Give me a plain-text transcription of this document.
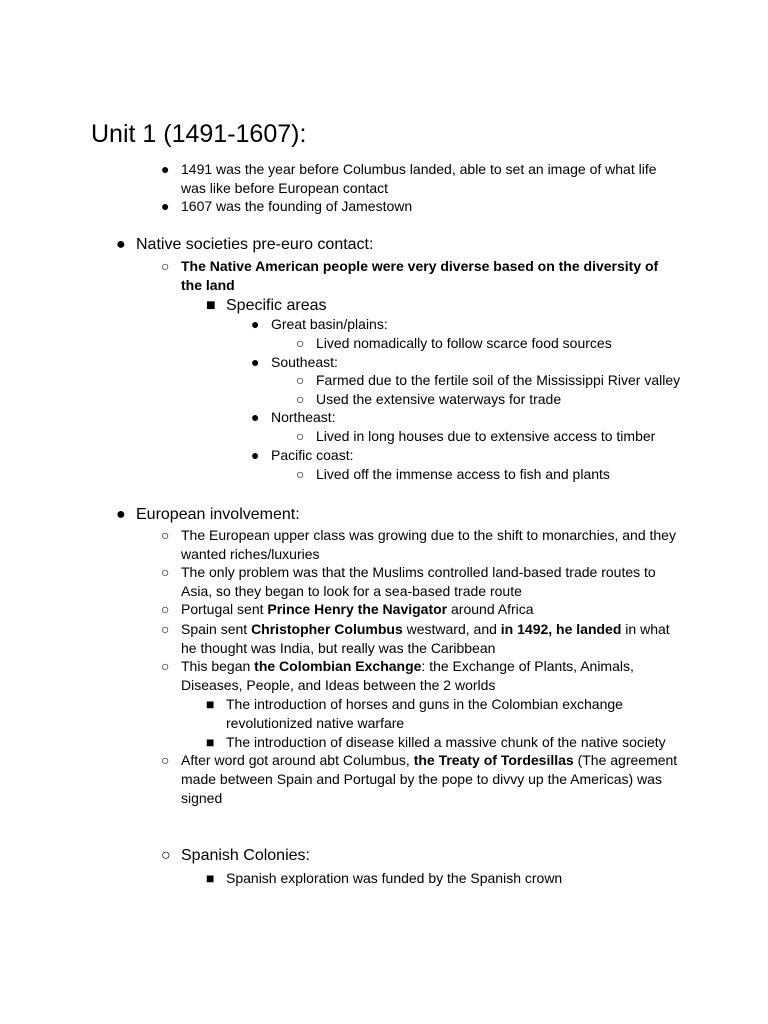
Unit 1 (1491-1607):
● 1491 was the year before Columbus landed, able to set an image of what life was like before European contact
● 1607 was the founding of Jamestown
● Native societies pre-euro contact:
○ The Native American people were very diverse based on the diversity of the land
■ Specific areas
● Great basin/plains:
○ Lived nomadically to follow scarce food sources
● Southeast:
○ Farmed due to the fertile soil of the Mississippi River valley
○ Used the extensive waterways for trade
● Northeast:
○ Lived in long houses due to extensive access to timber
● Pacific coast:
○ Lived off the immense access to fish and plants
● European involvement:
○ The European upper class was growing due to the shift to monarchies, and they wanted riches/luxuries
○ The only problem was that the Muslims controlled land-based trade routes to Asia, so they began to look for a sea-based trade route
○ Portugal sent Prince Henry the Navigator around Africa
○ Spain sent Christopher Columbus westward, and in 1492, he landed in what he thought was India, but really was the Caribbean
○ This began the Colombian Exchange: the Exchange of Plants, Animals, Diseases, People, and Ideas between the 2 worlds
■ The introduction of horses and guns in the Colombian exchange revolutionized native warfare
■ The introduction of disease killed a massive chunk of the native society
○ After word got around abt Columbus, the Treaty of Tordesillas (The agreement made between Spain and Portugal by the pope to divvy up the Americas) was signed
○ Spanish Colonies:
■ Spanish exploration was funded by the Spanish crown
